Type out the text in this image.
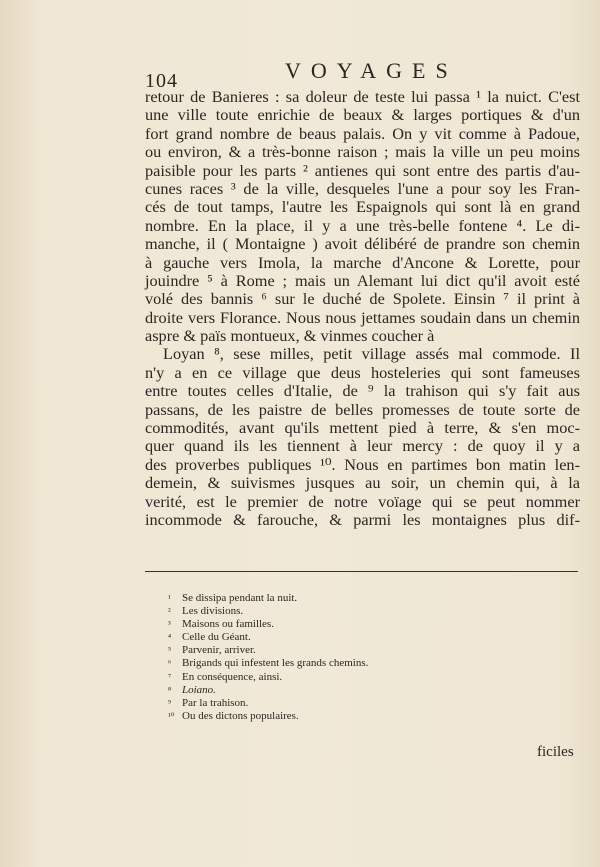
104	VOYAGES
retour de Banieres : sa doleur de teste lui passa ¹ la nuict. C'est
une ville toute enrichie de beaux & larges portiques & d'un
fort grand nombre de beaus palais. On y vit comme à Padoue,
ou environ, & a très-bonne raison ; mais la ville un peu moins
paisible pour les parts ² antienes qui sont entre des partis d'au-
cunes races ³ de la ville, desqueles l'une a pour soy les Fran-
cés de tout tamps, l'autre les Espaignols qui sont là en grand
nombre. En la place, il y a une très-belle fontene ⁴. Le di-
manche, il ( Montaigne ) avoit délibéré de prandre son chemin
à gauche vers Imola, la marche d'Ancone & Lorette, pour
jouindre ⁵ à Rome ; mais un Alemant lui dict qu'il avoit esté
volé des bannis ⁶ sur le duché de Spolete. Einsin ⁷ il print à
droite vers Florance. Nous nous jettames soudain dans un chemin
aspre & païs montueux, & vinmes coucher à
Loyan ⁸, sese milles, petit village assés mal commode. Il
n'y a en ce village que deus hosteleries qui sont fameuses
entre toutes celles d'Italie, de ⁹ la trahison qui s'y fait aus
passans, de les paistre de belles promesses de toute sorte de
commodités, avant qu'ils mettent pied à terre, & s'en moc-
quer quand ils les tiennent à leur mercy : de quoy il y a
des proverbes publiques ¹⁰. Nous en partimes bon matin len-
demein, & suivismes jusques au soir, un chemin qui, à la
verité, est le premier de notre voïage qui se peut nommer
incommode & farouche, & parmi les montaignes plus dif-
¹ Se dissipa pendant la nuit.
² Les divisions.
³ Maisons ou familles.
⁴ Celle du Géant.
⁵ Parvenir, arriver.
⁶ Brigands qui infestent les grands chemins.
⁷ En conséquence, ainsi.
⁸ Loiano.
⁹ Par la trahison.
¹⁰ Ou des dictons populaires.
ficiles
